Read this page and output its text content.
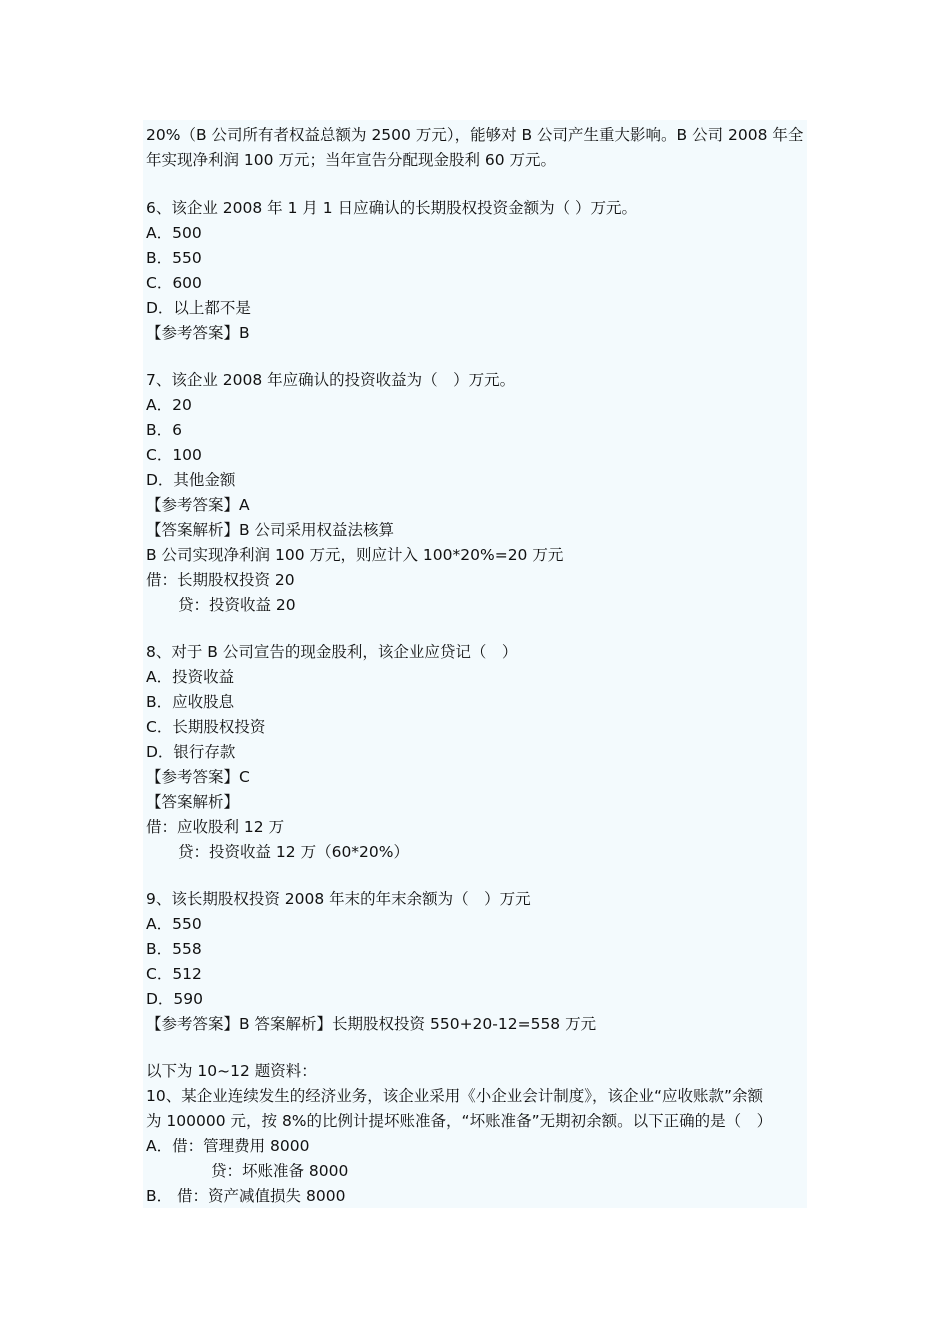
20%（B 公司所有者权益总额为 2500 万元），能够对 B 公司产生重大影响。B 公司 2008 年全
年实现净利润 100 万元；当年宣告分配现金股利 60 万元。
6、该企业 2008 年 1 月 1 日应确认的长期股权投资金额为（ ）万元。
A．500
B．550
C．600
D．以上都不是
【参考答案】B
7、该企业 2008 年应确认的投资收益为（　）万元。
A．20
B．6
C．100
D．其他金额
【参考答案】A
【答案解析】B 公司采用权益法核算
B 公司实现净利润 100 万元，则应计入 100*20%=20 万元
借：长期股权投资 20
贷：投资收益 20
8、对于 B 公司宣告的现金股利，该企业应贷记（　）
A．投资收益
B．应收股息
C．长期股权投资
D．银行存款
【参考答案】C
【答案解析】
借：应收股利 12 万
贷：投资收益 12 万（60*20%）
9、该长期股权投资 2008 年末的年末余额为（　）万元
A．550
B．558
C．512
D．590
【参考答案】B 答案解析】长期股权投资 550+20-12=558 万元
以下为 10~12 题资料：
10、某企业连续发生的经济业务，该企业采用《小企业会计制度》，该企业“应收账款”余额
为 100000 元，按 8%的比例计提坏账准备，“坏账准备”无期初余额。以下正确的是（　）
A．借：管理费用 8000
贷：坏账准备 8000
B． 借：资产减值损失 8000
